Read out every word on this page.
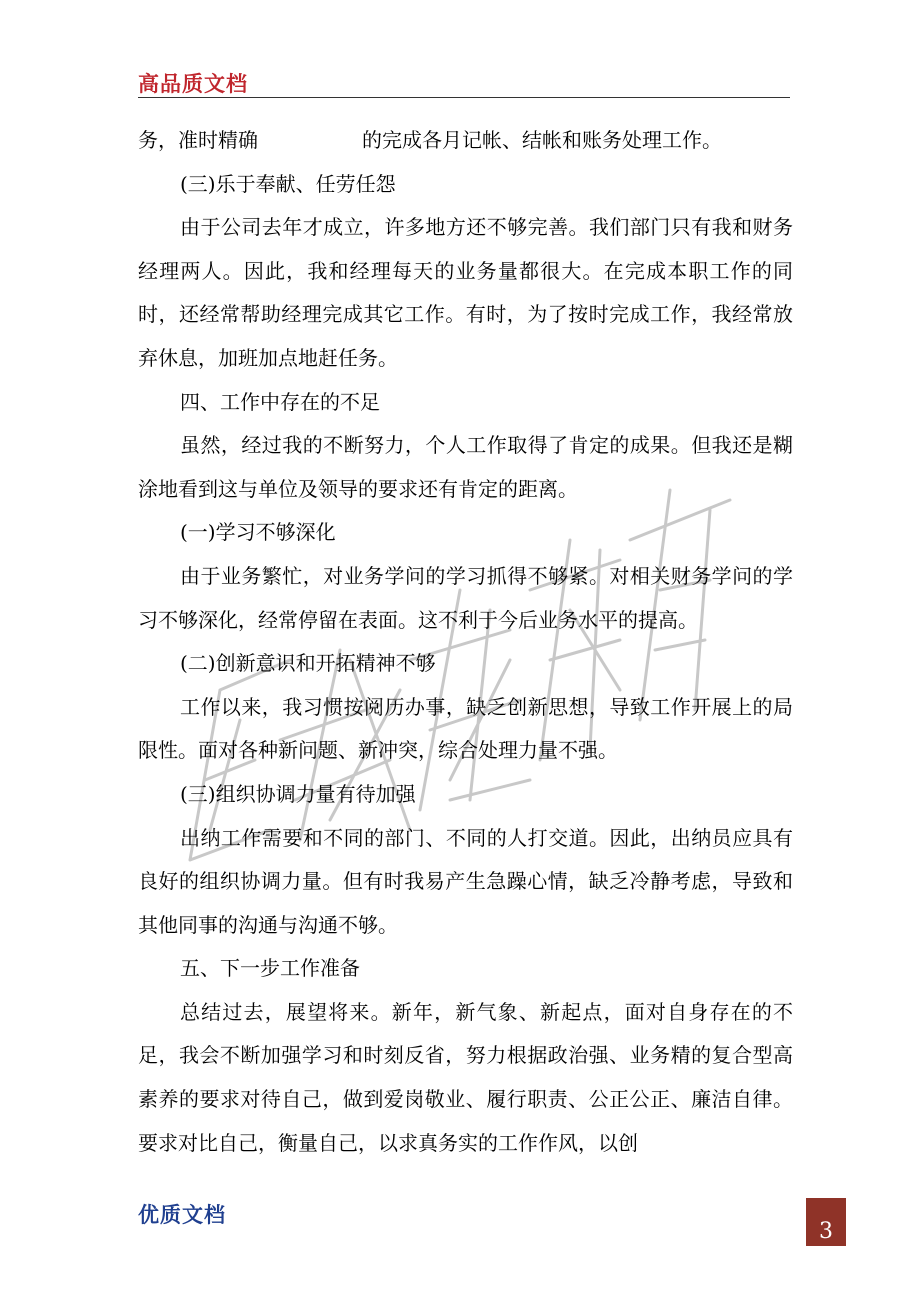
高品质文档

务，准时精确	的完成各月记帐、结帐和账务处理工作。

(三)乐于奉献、任劳任怨

由于公司去年才成立，许多地方还不够完善。我们部门只有我和财务经理两人。因此，我和经理每天的业务量都很大。在完成本职工作的同时，还经常帮助经理完成其它工作。有时，为了按时完成工作，我经常放弃休息，加班加点地赶任务。

四、工作中存在的不足

虽然，经过我的不断努力，个人工作取得了肯定的成果。但我还是糊涂地看到这与单位及领导的要求还有肯定的距离。

(一)学习不够深化

由于业务繁忙，对业务学问的学习抓得不够紧。对相关财务学问的学习不够深化，经常停留在表面。这不利于今后业务水平的提高。

(二)创新意识和开拓精神不够

工作以来，我习惯按阅历办事，缺乏创新思想，导致工作开展上的局限性。面对各种新问题、新冲突，综合处理力量不强。

(三)组织协调力量有待加强

出纳工作需要和不同的部门、不同的人打交道。因此，出纳员应具有良好的组织协调力量。但有时我易产生急躁心情，缺乏冷静考虑，导致和其他同事的沟通与沟通不够。

五、下一步工作准备

总结过去，展望将来。新年，新气象、新起点，面对自身存在的不足，我会不断加强学习和时刻反省，努力根据政治强、业务精的复合型高素养的要求对待自己，做到爱岗敬业、履行职责、公正公正、廉洁自律。要求对比自己，衡量自己，以求真务实的工作作风，以创

优质文档
3
